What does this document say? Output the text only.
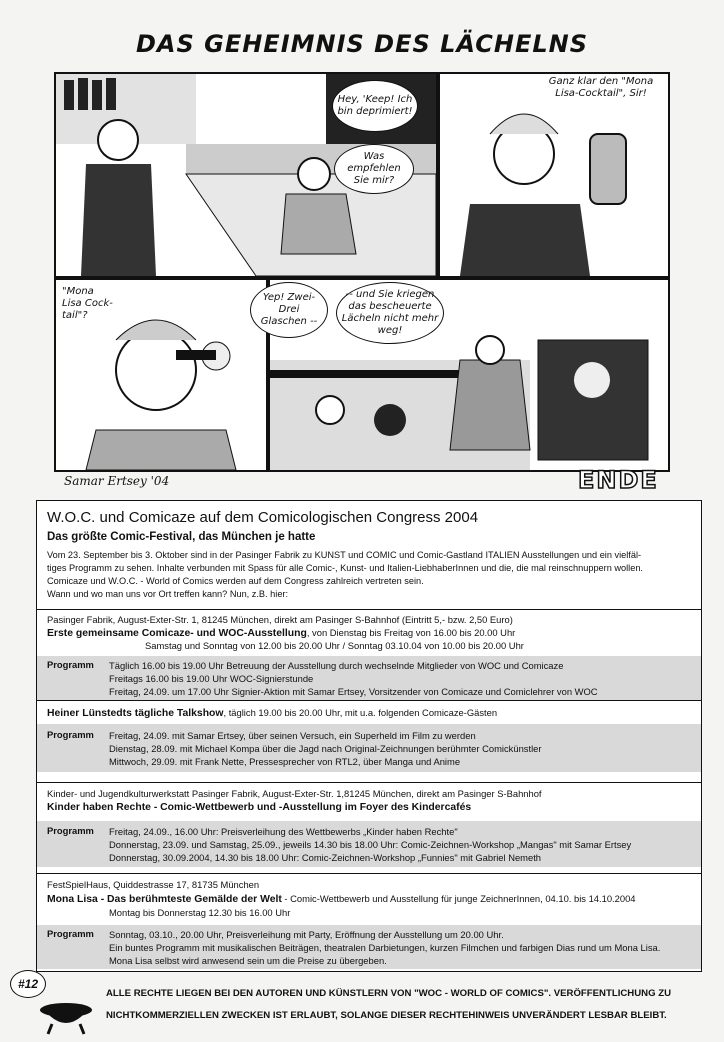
DAS GEHEIMNIS DES LÄCHELNS
Hey, 'Keep! Ich bin deprimiert!
Was empfehlen Sie mir?
Ganz klar den "Mona Lisa-Cocktail", Sir!
"Mona Lisa Cock-tail"?
Yep! Zwei-Drei Glaschen --
-- und Sie kriegen das bescheuerte Lächeln nicht mehr weg!
Samar Ertsey '04	ENDE
W.O.C. und Comicaze auf dem Comicologischen Congress 2004
Das größte Comic-Festival, das München je hatte
Vom 23. September bis 3. Oktober sind in der Pasinger Fabrik zu KUNST und COMIC und Comic-Gastland ITALIEN Ausstellungen und ein vielfäl-
tiges Programm zu sehen. Inhalte verbunden mit Spass für alle Comic-, Kunst- und Italien-LiebhaberInnen und die, die mal reinschnuppern wollen.
Comicaze und W.O.C. - World of Comics werden auf dem Congress zahlreich vertreten sein.
Wann und wo man uns vor Ort treffen kann? Nun, z.B. hier:
Pasinger Fabrik, August-Exter-Str. 1, 81245 München, direkt am Pasinger S-Bahnhof (Eintritt 5,- bzw. 2,50 Euro)
Erste gemeinsame Comicaze- und WOC-Ausstellung, von Dienstag bis Freitag von 16.00 bis 20.00 Uhr
Samstag und Sonntag von 12.00 bis 20.00 Uhr / Sonntag 03.10.04 von 10.00 bis 20.00 Uhr
Programm Täglich 16.00 bis 19.00 Uhr Betreuung der Ausstellung durch wechselnde Mitglieder von WOC und Comicaze
Freitags 16.00 bis 19.00 Uhr WOC-Signierstunde
Freitag, 24.09. um 17.00 Uhr Signier-Aktion mit Samar Ertsey, Vorsitzender von Comicaze und Comiclehrer von WOC
Heiner Lünstedts tägliche Talkshow, täglich 19.00 bis 20.00 Uhr, mit u.a. folgenden Comicaze-Gästen
Programm Freitag, 24.09. mit Samar Ertsey, über seinen Versuch, ein Superheld im Film zu werden
Dienstag, 28.09. mit Michael Kompa über die Jagd nach Original-Zeichnungen berühmter Comickünstler
Mittwoch, 29.09. mit Frank Nette, Pressesprecher von RTL2, über Manga und Anime
Kinder- und Jugendkulturwerkstatt Pasinger Fabrik, August-Exter-Str. 1,81245 München, direkt am Pasinger S-Bahnhof
Kinder haben Rechte - Comic-Wettbewerb und -Ausstellung im Foyer des Kindercafés
Programm Freitag, 24.09., 16.00 Uhr: Preisverleihung des Wettbewerbs „Kinder haben Rechte"
Donnerstag, 23.09. und Samstag, 25.09., jeweils 14.30 bis 18.00 Uhr: Comic-Zeichnen-Workshop „Mangas" mit Samar Ertsey
Donnerstag, 30.09.2004, 14.30 bis 18.00 Uhr: Comic-Zeichnen-Workshop „Funnies" mit Gabriel Nemeth
FestSpielHaus, Quiddestrasse 17, 81735 München
Mona Lisa - Das berühmteste Gemälde der Welt - Comic-Wettbewerb und Ausstellung für junge ZeichnerInnen, 04.10. bis 14.10.2004
Montag bis Donnerstag 12.30 bis 16.00 Uhr
Programm Sonntag, 03.10., 20.00 Uhr, Preisverleihung mit Party, Eröffnung der Ausstellung um 20.00 Uhr.
Ein buntes Programm mit musikalischen Beiträgen, theatralen Darbietungen, kurzen Filmchen und farbigen Dias rund um Mona Lisa.
Mona Lisa selbst wird anwesend sein um die Preise zu übergeben.
#12
ALLE RECHTE LIEGEN BEI DEN AUTOREN UND KÜNSTLERN VON "WOC - WORLD OF COMICS". VERÖFFENTLICHUNG ZU
NICHTKOMMERZIELLEN ZWECKEN IST ERLAUBT, SOLANGE DIESER RECHTEHINWEIS UNVERÄNDERT LESBAR BLEIBT.
